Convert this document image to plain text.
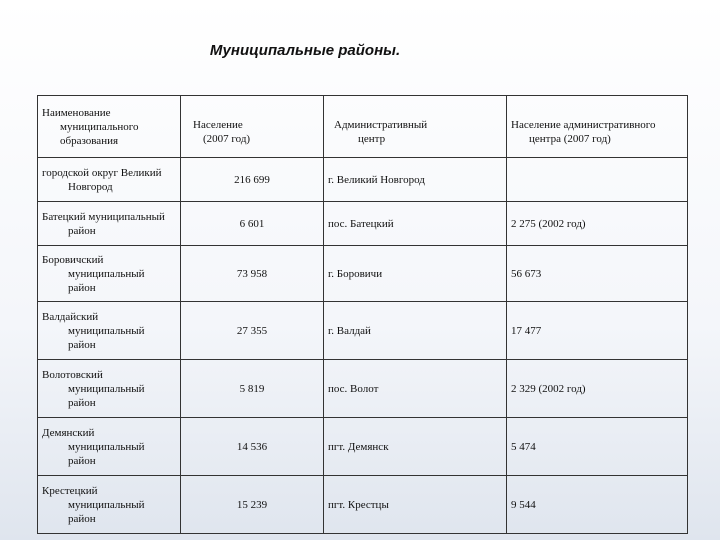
Муниципальные районы.
Наименование
муниципального
образования	Население
(2007 год)	Административный
центр	Население административного
центра (2007 год)

городской округ Великий
Новгород	216 699	г. Великий Новгород	
Батецкий муниципальный
район	6 601	пос. Батецкий	2 275 (2002 год)
Боровичский
муниципальный
район	73 958	г. Боровичи	56 673
Валдайский
муниципальный
район	27 355	г. Валдай	17 477
Волотовский
муниципальный
район	5 819	пос. Волот	2 329 (2002 год)
Демянский
муниципальный
район	14 536	пгт. Демянск	5 474
Крестецкий
муниципальный
район	15 239	пгт. Крестцы	9 544
